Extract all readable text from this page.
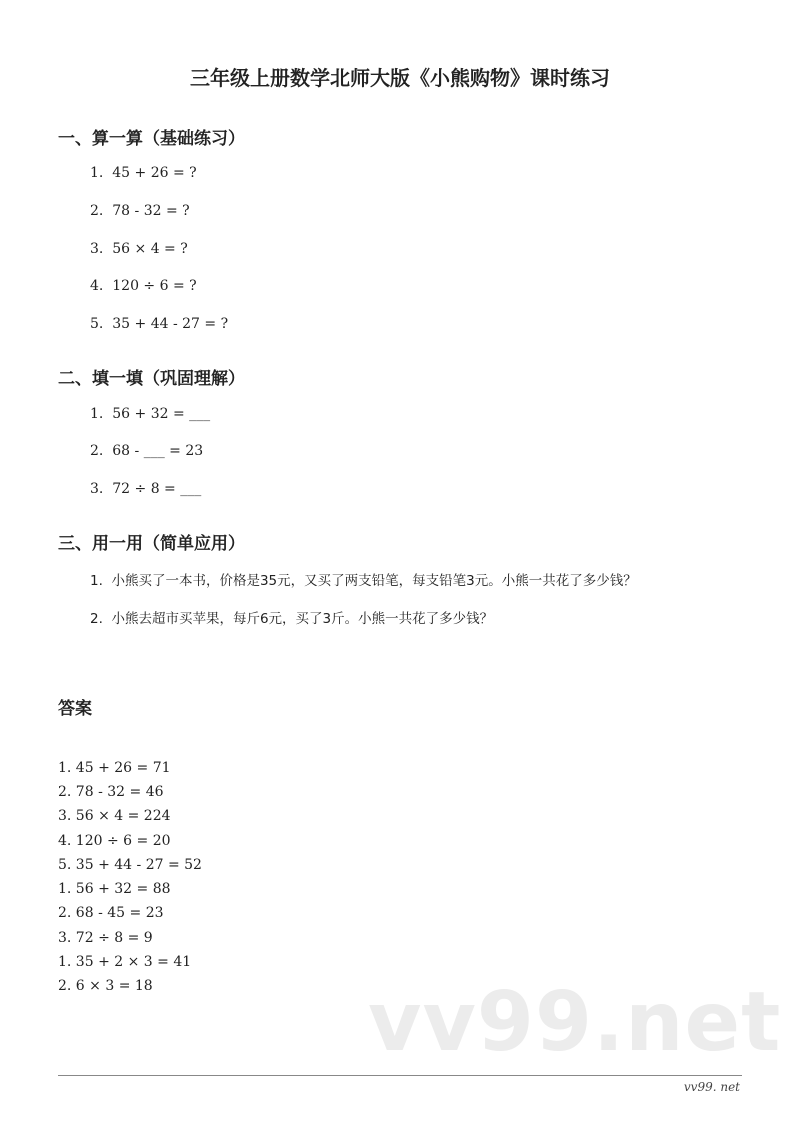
三年级上册数学北师大版《小熊购物》课时练习
一、算一算（基础练习）
1.  45 + 26 = ?
2.  78 - 32 = ?
3.  56 × 4 = ?
4.  120 ÷ 6 = ?
5.  35 + 44 - 27 = ?
二、填一填（巩固理解）
1.  56 + 32 = ___
2.  68 - ___ = 23
3.  72 ÷ 8 = ___
三、用一用（简单应用）
1.  小熊买了一本书，价格是35元，又买了两支铅笔，每支铅笔3元。小熊一共花了多少钱？
2.  小熊去超市买苹果，每斤6元，买了3斤。小熊一共花了多少钱？
答案
1. 45 + 26 = 71
2. 78 - 32 = 46
3. 56 × 4 = 224
4. 120 ÷ 6 = 20
5. 35 + 44 - 27 = 52
1. 56 + 32 = 88
2. 68 - 45 = 23
3. 72 ÷ 8 = 9
1. 35 + 2 × 3 = 41
2. 6 × 3 = 18	vv99.net
vv99. net
